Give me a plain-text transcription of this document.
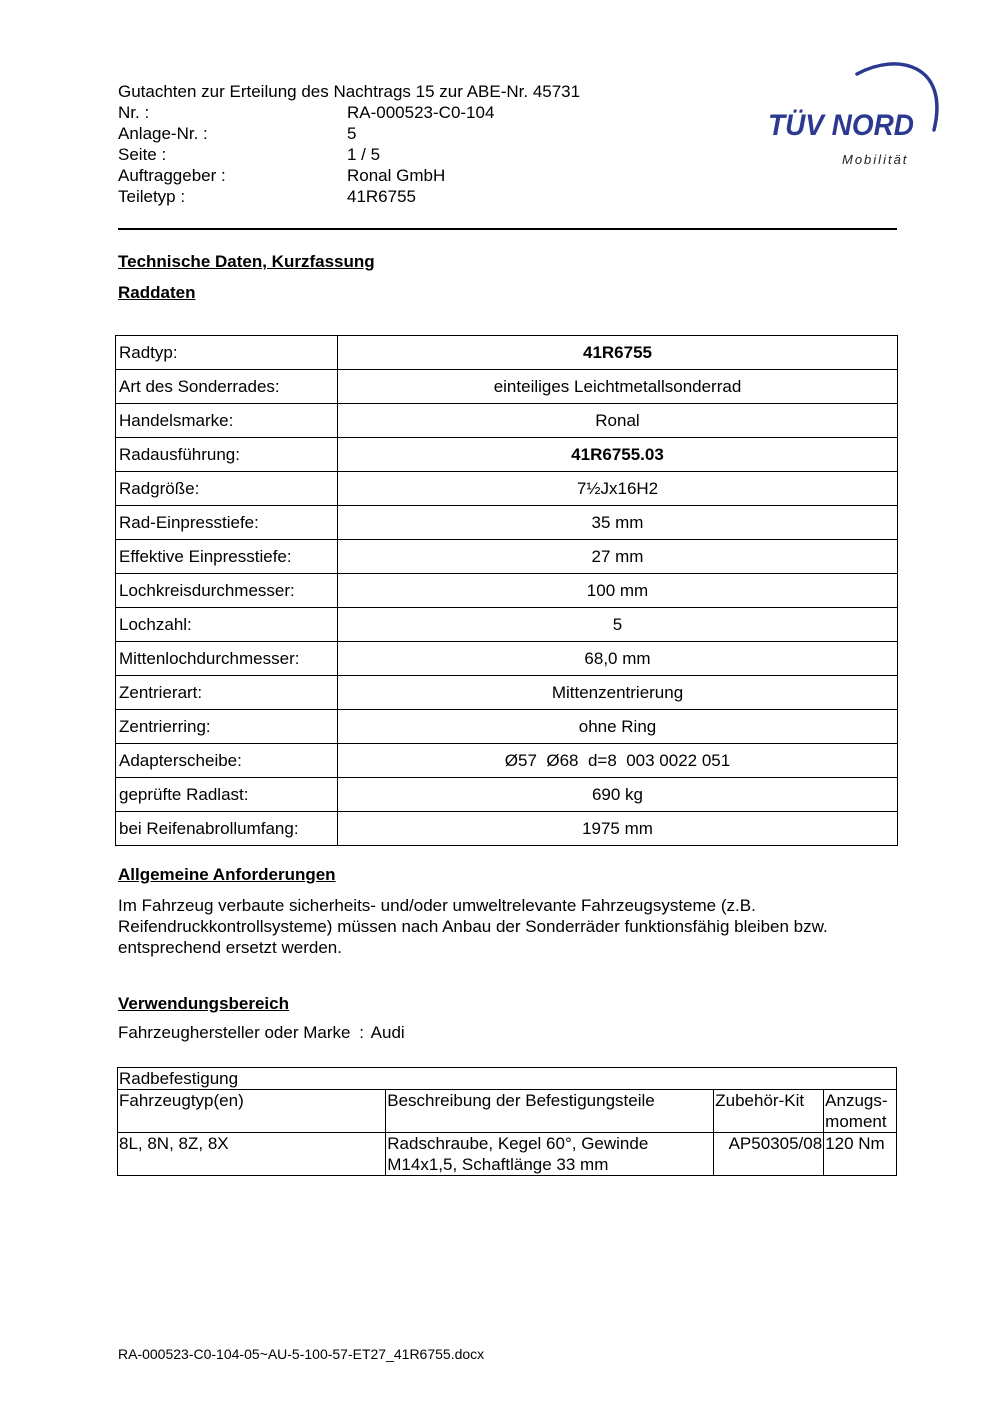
Gutachten zur Erteilung des Nachtrags 15 zur ABE-Nr. 45731
Nr. :	RA-000523-C0-104
Anlage-Nr. :	5
Seite :	1 / 5
Auftraggeber :	Ronal GmbH
Teiletyp :	41R6755
TÜV NORD
Mobilität
Technische Daten, Kurzfassung
Raddaten
Radtyp:	41R6755
Art des Sonderrades:	einteiliges Leichtmetallsonderrad
Handelsmarke:	Ronal
Radausführung:	41R6755.03
Radgröße:	7½Jx16H2
Rad-Einpresstiefe:	35 mm
Effektive Einpresstiefe:	27 mm
Lochkreisdurchmesser:	100 mm
Lochzahl:	5
Mittenlochdurchmesser:	68,0 mm
Zentrierart:	Mittenzentrierung
Zentrierring:	ohne Ring
Adapterscheibe:	Ø57  Ø68  d=8  003 0022 051
geprüfte Radlast:	690 kg
bei Reifenabrollumfang:	1975 mm
Allgemeine Anforderungen
Im Fahrzeug verbaute sicherheits- und/oder umweltrelevante Fahrzeugsysteme (z.B. Reifendruckkontrollsysteme) müssen nach Anbau der Sonderräder funktionsfähig bleiben bzw. entsprechend ersetzt werden.
Verwendungsbereich
Fahrzeughersteller oder Marke : Audi
Radbefestigung			
Fahrzeugtyp(en)	Beschreibung der Befestigungsteile	Zubehör-Kit	Anzugs-moment
8L, 8N, 8Z, 8X	Radschraube, Kegel 60°, Gewinde M14x1,5, Schaftlänge 33 mm	AP50305/08	120 Nm
RA-000523-C0-104-05~AU-5-100-57-ET27_41R6755.docx
